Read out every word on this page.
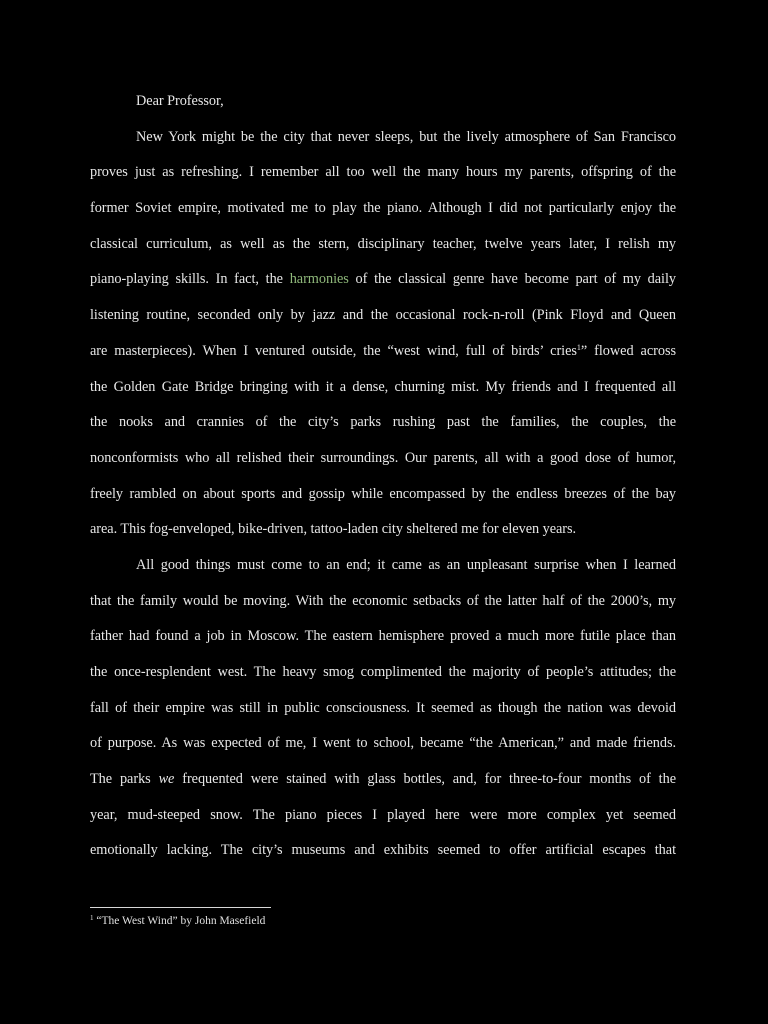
Dear Professor,
New York might be the city that never sleeps, but the lively atmosphere of San Francisco
proves just as refreshing. I remember all too well the many hours my parents, offspring of the
former Soviet empire, motivated me to play the piano. Although I did not particularly enjoy the
classical curriculum, as well as the stern, disciplinary teacher, twelve years later, I relish my
piano-playing skills. In fact, the harmonies of the classical genre have become part of my daily
listening routine, seconded only by jazz and the occasional rock-n-roll (Pink Floyd and Queen
are masterpieces). When I ventured outside, the “west wind, full of birds’ cries$^1$” flowed across
the Golden Gate Bridge bringing with it a dense, churning mist. My friends and I frequented all
the nooks and crannies of the city’s parks rushing past the families, the couples, the
nonconformists who all relished their surroundings. Our parents, all with a good dose of humor,
freely rambled on about sports and gossip while encompassed by the endless breezes of the bay
area. This fog-enveloped, bike-driven, tattoo-laden city sheltered me for eleven years.
All good things must come to an end; it came as an unpleasant surprise when I learned
that the family would be moving. With the economic setbacks of the latter half of the 2000’s, my
father had found a job in Moscow. The eastern hemisphere proved a much more futile place than
the once-resplendent west. The heavy smog complimented the majority of people’s attitudes; the
fall of their empire was still in public consciousness. It seemed as though the nation was devoid
of purpose. As was expected of me, I went to school, became “the American,” and made friends.
The parks we frequented were stained with glass bottles, and, for three-to-four months of the
year, mud-steeped snow. The piano pieces I played here were more complex yet seemed
emotionally lacking. The city’s museums and exhibits seemed to offer artificial escapes that
$^1$ “The West Wind” by John Masefield
